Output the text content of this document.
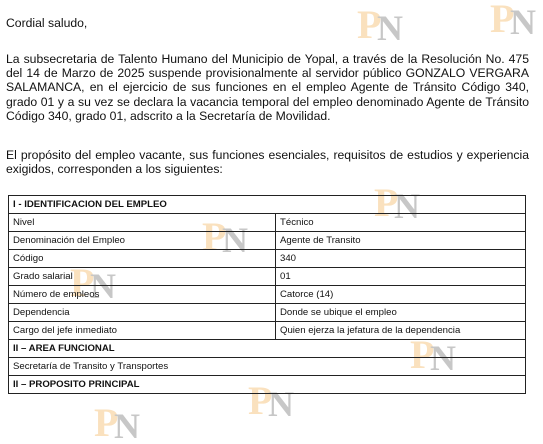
P
N P
N
P
N
P
N
P
N
P
N
P
N
P
N
Cordial saludo,
La subsecretaria de Talento Humano del Municipio de Yopal, a través de la Resolución No. 475 del 14 de Marzo de 2025 suspende provisionalmente al servidor público GONZALO VERGARA SALAMANCA, en el ejercicio de sus funciones en el empleo Agente de Tránsito Código 340, grado 01 y a su vez se declara la vacancia temporal del empleo denominado Agente de Tránsito Código 340, grado 01, adscrito a la Secretaría de Movilidad.
El propósito del empleo vacante, sus funciones esenciales, requisitos de estudios y experiencia exigidos, corresponden a los siguientes:
I - IDENTIFICACION DEL EMPLEO	
Nivel	Técnico
Denominación del Empleo	Agente de Transito
Código	340
Grado salarial	01
Número de empleos	Catorce (14)
Dependencia	Donde se ubique el empleo
Cargo del jefe inmediato	Quien ejerza la jefatura de la dependencia
II – AREA FUNCIONAL	
Secretaría de Transito y Transportes	
II – PROPOSITO PRINCIPAL	
